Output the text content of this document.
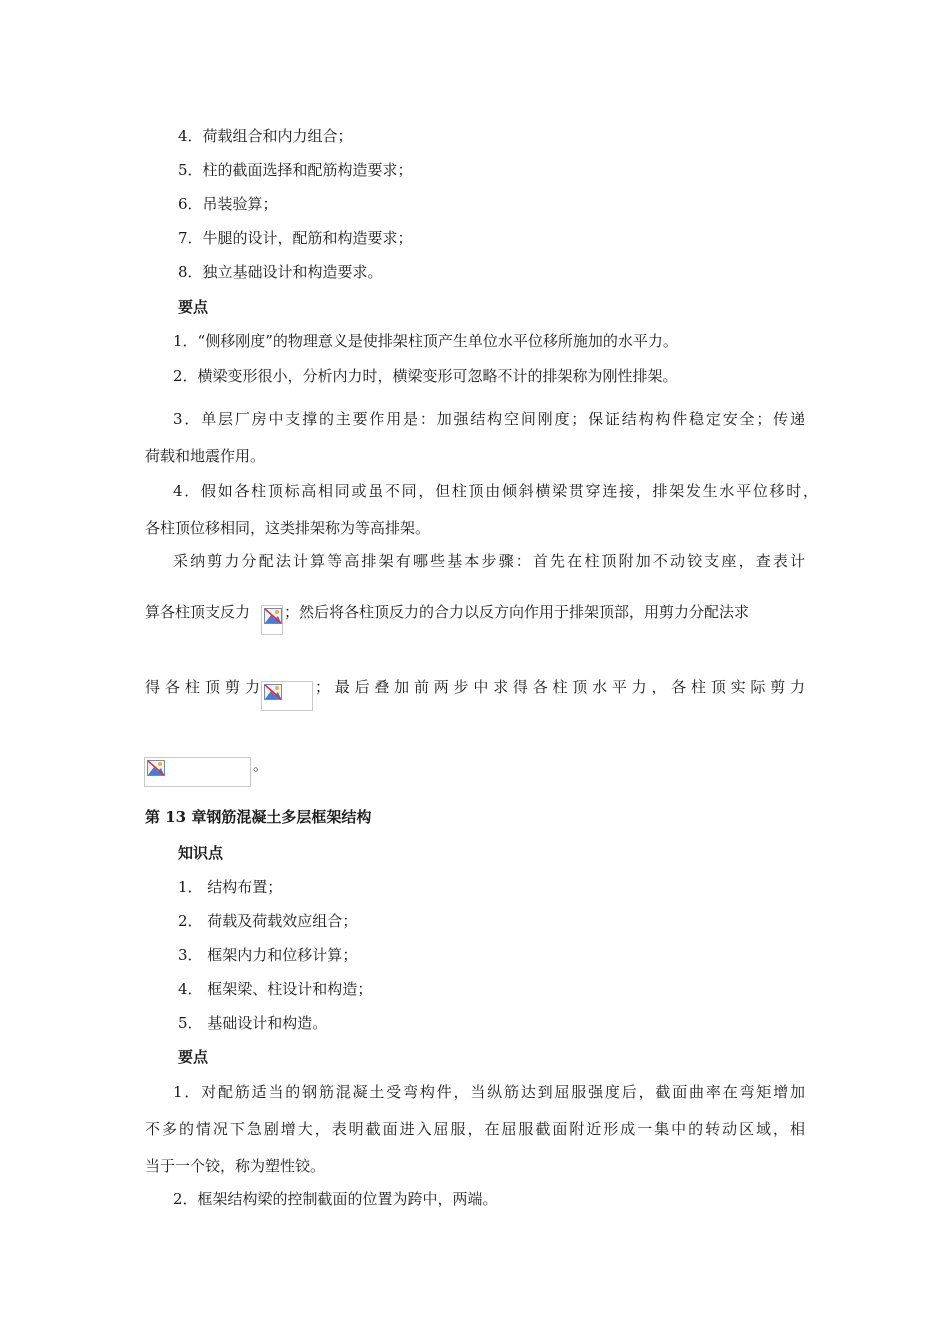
4．荷载组合和内力组合；
5．柱的截面选择和配筋构造要求；
6．吊装验算；
7．牛腿的设计，配筋和构造要求；
8．独立基础设计和构造要求。
要点
1．“侧移刚度”的物理意义是使排架柱顶产生单位水平位移所施加的水平力。
2．横梁变形很小，分析内力时，横梁变形可忽略不计的排架称为刚性排架。
3．单层厂房中支撑的主要作用是：加强结构空间刚度；保证结构构件稳定安全；传递
荷载和地震作用。
4．假如各柱顶标高相同或虽不同，但柱顶由倾斜横梁贯穿连接，排架发生水平位移时，
各柱顶位移相同，这类排架称为等高排架。
采纳剪力分配法计算等高排架有哪些基本步骤：首先在柱顶附加不动铰支座，查表计
算各柱顶支反力 ；然后将各柱顶反力的合力以反方向作用于排架顶部，用剪力分配法求
得各柱顶剪力	；最后叠加前两步中求得各柱顶水平力，各柱顶实际剪力
。
第 13 章钢筋混凝土多层框架结构
知识点
1． 结构布置；
2． 荷载及荷载效应组合；
3． 框架内力和位移计算；
4． 框架梁、柱设计和构造；
5． 基础设计和构造。
要点
1．对配筋适当的钢筋混凝土受弯构件，当纵筋达到屈服强度后，截面曲率在弯矩增加
不多的情况下急剧增大，表明截面进入屈服，在屈服截面附近形成一集中的转动区域，相
当于一个铰，称为塑性铰。
2．框架结构梁的控制截面的位置为跨中，两端。
